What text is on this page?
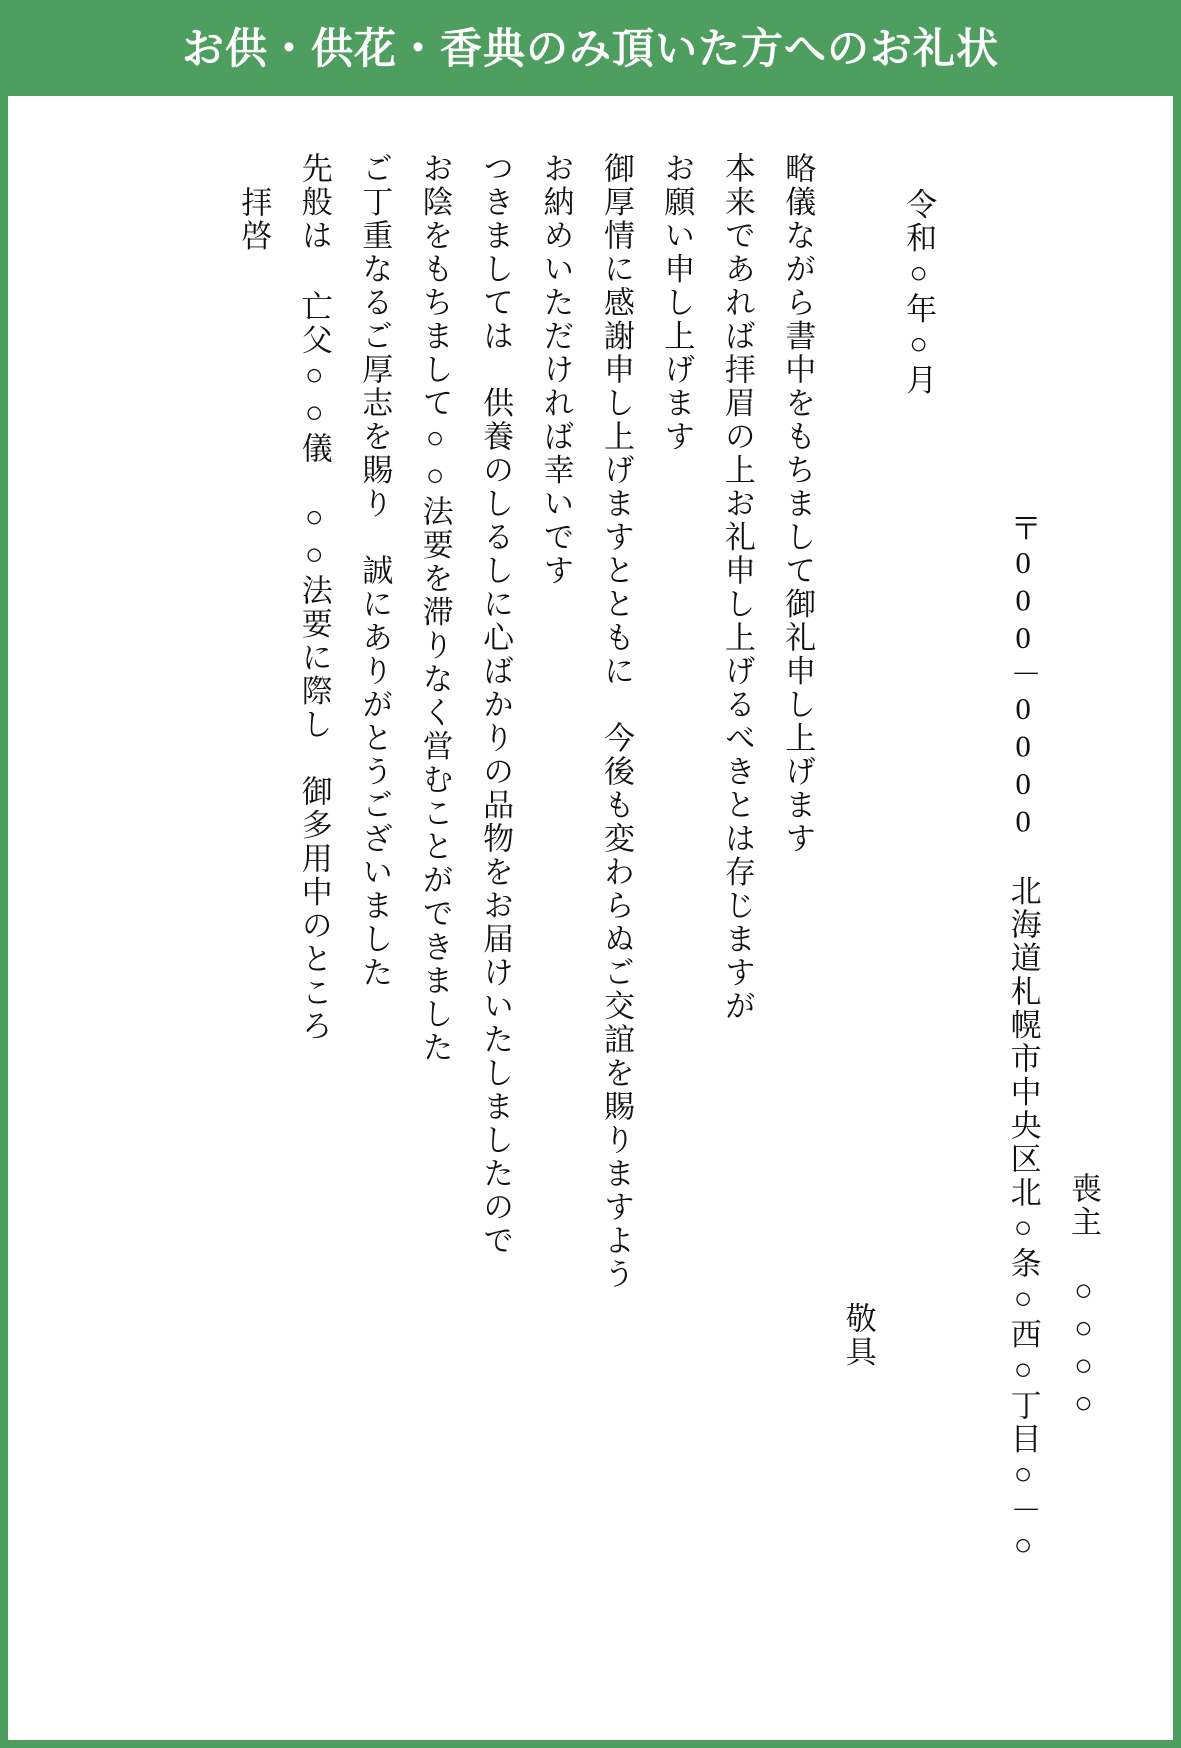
お供・供花・香典のみ頂いた方へのお礼状
喪主　○○○○
〒000－0000　北海道札幌市中央区北○条○西○丁目○－○
令和○年○月
敬具
略儀ながら書中をもちまして御礼申し上げます
本来であれば拝眉の上お礼申し上げるべきとは存じますが
お願い申し上げます
御厚情に感謝申し上げますとともに　今後も変わらぬご交誼を賜りますよう
お納めいただければ幸いです
つきましては　供養のしるしに心ばかりの品物をお届けいたしましたので
お陰をもちまして○○法要を滞りなく営むことができました
ご丁重なるご厚志を賜り　誠にありがとうございました
先般は 亡父○○儀　○○法要に際し　御多用中のところ
拝啓
